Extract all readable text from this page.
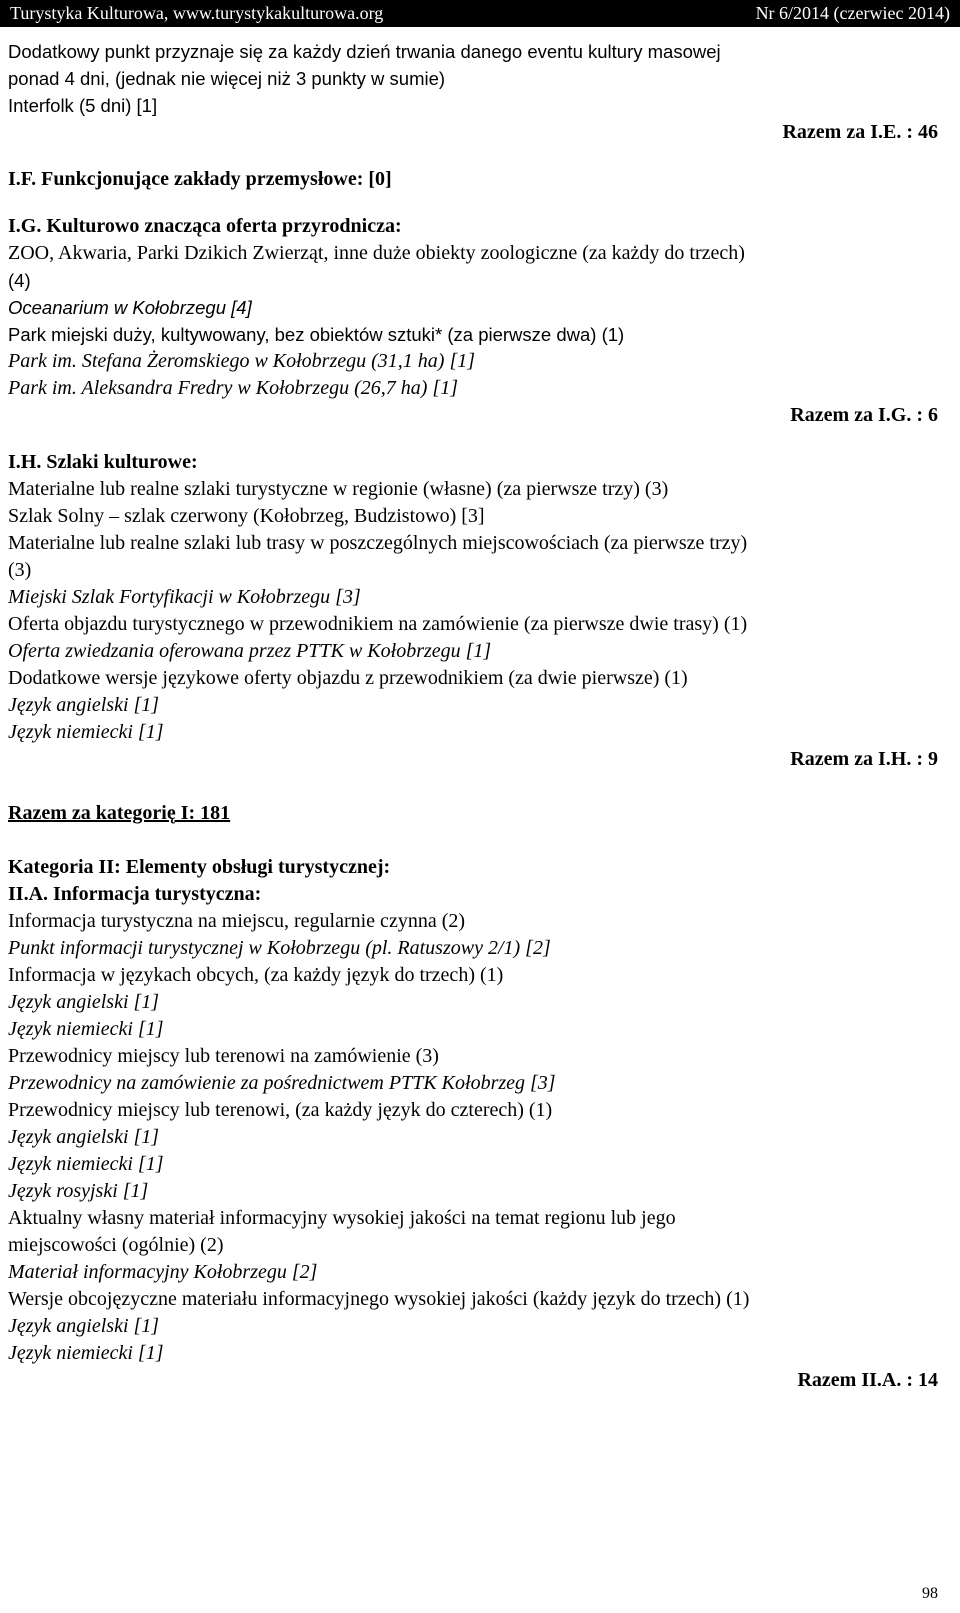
Turystyka Kulturowa, www.turystykakulturowa.org	Nr 6/2014 (czerwiec 2014)
Dodatkowy punkt przyznaje się za każdy dzień trwania danego eventu kultury masowej
ponad 4 dni, (jednak nie więcej niż 3 punkty w sumie)
Interfolk (5 dni) [1]
Razem za I.E. : 46
I.F. Funkcjonujące zakłady przemysłowe: [0]
I.G. Kulturowo znacząca oferta przyrodnicza:
ZOO, Akwaria, Parki Dzikich Zwierząt, inne duże obiekty zoologiczne (za każdy do trzech)
(4)
Oceanarium w Kołobrzegu [4]
Park miejski duży, kultywowany, bez obiektów sztuki* (za pierwsze dwa) (1)
Park im. Stefana Żeromskiego w Kołobrzegu (31,1 ha) [1]
Park im. Aleksandra Fredry w Kołobrzegu (26,7 ha) [1]
Razem za I.G. : 6
I.H. Szlaki kulturowe:
Materialne lub realne szlaki turystyczne w regionie (własne) (za pierwsze trzy) (3)
Szlak Solny – szlak czerwony (Kołobrzeg, Budzistowo) [3]
Materialne lub realne szlaki lub trasy w poszczególnych miejscowościach (za pierwsze trzy)
(3)
Miejski Szlak Fortyfikacji w Kołobrzegu [3]
Oferta objazdu turystycznego w przewodnikiem na zamówienie (za pierwsze dwie trasy) (1)
Oferta zwiedzania oferowana przez PTTK w Kołobrzegu [1]
Dodatkowe wersje językowe oferty objazdu z przewodnikiem (za dwie pierwsze) (1)
Język angielski [1]
Język niemiecki [1]
Razem za I.H. : 9
Razem za kategorię I: 181
Kategoria II: Elementy obsługi turystycznej:
II.A. Informacja turystyczna:
Informacja turystyczna na miejscu, regularnie czynna (2)
Punkt informacji turystycznej w Kołobrzegu (pl. Ratuszowy 2/1) [2]
Informacja w językach obcych, (za każdy język do trzech) (1)
Język angielski [1]
Język niemiecki [1]
Przewodnicy miejscy lub terenowi na zamówienie (3)
Przewodnicy na zamówienie za pośrednictwem PTTK Kołobrzeg [3]
Przewodnicy miejscy lub terenowi, (za każdy język do czterech) (1)
Język angielski [1]
Język niemiecki [1]
Język rosyjski [1]
Aktualny własny materiał informacyjny wysokiej jakości na temat regionu lub jego
miejscowości (ogólnie) (2)
Materiał informacyjny Kołobrzegu [2]
Wersje obcojęzyczne materiału informacyjnego wysokiej jakości (każdy język do trzech) (1)
Język angielski [1]
Język niemiecki [1]
Razem II.A. : 14
98
